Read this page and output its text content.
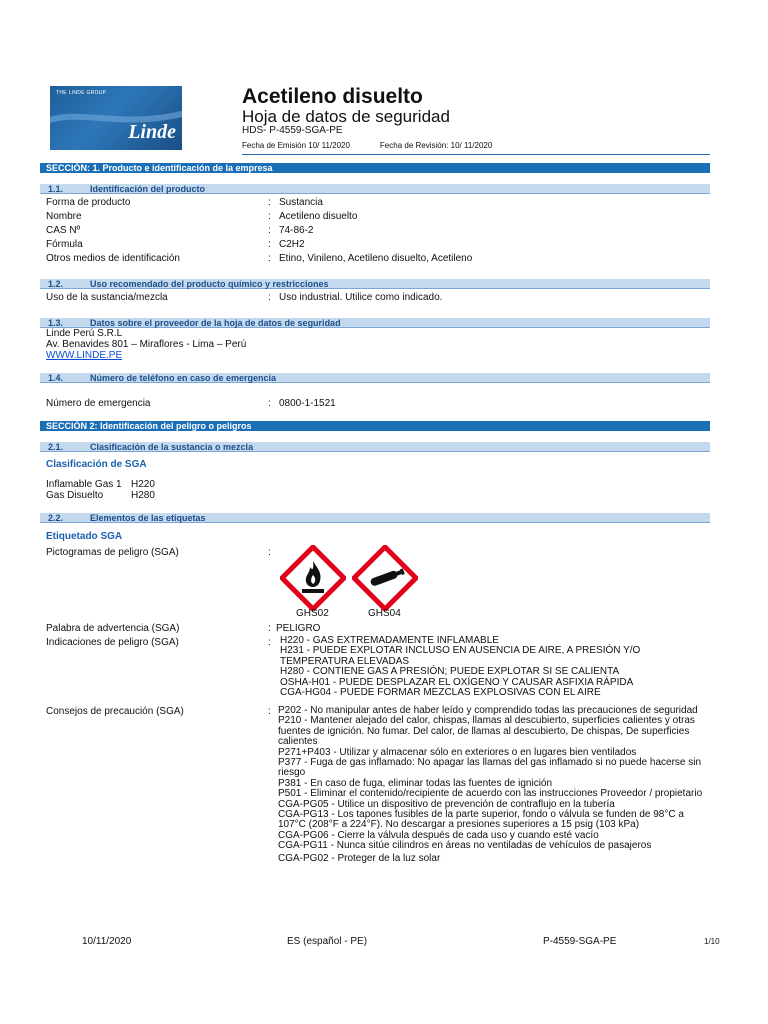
THE LINDE GROUP
Linde
Acetileno disuelto
Hoja de datos de seguridad
HDS- P-4559-SGA-PE
Fecha de Emisión 10/ 11/2020	Fecha de Revisión: 10/ 11/2020
SECCIÓN: 1. Producto e identificación de la empresa
1.1.	Identificación del producto
Forma de producto	: Sustancia
Nombre	: Acetileno disuelto
CAS Nº	: 74-86-2
Fórmula	: C2H2
Otros medios de identificación	: Etino, Vinileno, Acetileno disuelto, Acetileno
1.2.	Uso recomendado del producto químico y restricciones
Uso de la sustancia/mezcla	: Uso industrial. Utilice como indicado.
1.3.	Datos sobre el proveedor de la hoja de datos de seguridad
Linde Perú S.R.L
Av. Benavides 801 – Miraflores - Lima – Perú
WWW.LINDE.PE
1.4.	Número de teléfono en caso de emergencia
Número de emergencia	: 0800-1-1521
SECCIÓN 2: Identificación del peligro o peligros
2.1.	Clasificación de la sustancia o mezcla
Clasificación de SGA
Inflamable Gas 1 H220
Gas Disuelto	H280
2.2.	Elementos de las etiquetas
Etiquetado SGA
Pictogramas de peligro (SGA)	:
GHS02	GHS04
Palabra de advertencia (SGA)	: PELIGRO
Indicaciones de peligro (SGA)	: H220 - GAS EXTREMADAMENTE INFLAMABLE
H231 - PUEDE EXPLOTAR INCLUSO EN AUSENCIA DE AIRE, A PRESIÓN Y/O TEMPERATURA ELEVADAS
H280 - CONTIENE GAS A PRESIÓN; PUEDE EXPLOTAR SI SE CALIENTA
OSHA-H01 - PUEDE DESPLAZAR EL OXÍGENO Y CAUSAR ASFIXIA RÁPIDA
CGA-HG04 - PUEDE FORMAR MEZCLAS EXPLOSIVAS CON EL AIRE
Consejos de precaución (SGA)	: P202 - No manipular antes de haber leído y comprendido todas las precauciones de seguridad
P210 - Mantener alejado del calor, chispas, llamas al descubierto, superficies calientes y otras fuentes de ignición. No fumar. Del calor, de llamas al descubierto, De chispas, De superficies calientes
P271+P403 - Utilizar y almacenar sólo en exteriores o en lugares bien ventilados
P377 - Fuga de gas inflamado: No apagar las llamas del gas inflamado si no puede hacerse sin riesgo
P381 - En caso de fuga, eliminar todas las fuentes de ignición
P501 - Eliminar el contenido/recipiente de acuerdo con las instrucciones Proveedor / propietario
CGA-PG05 - Utilice un dispositivo de prevención de contraflujo en la tubería
CGA-PG13 - Los tapones fusibles de la parte superior, fondo o válvula se funden de 98°C a 107°C (208°F a 224°F). No descargar a presiones superiores a 15 psig (103 kPa)
CGA-PG06 - Cierre la válvula después de cada uso y cuando esté vacío
CGA-PG11 - Nunca sitúe cilindros en áreas no ventiladas de vehículos de pasajeros
CGA-PG02 - Proteger de la luz solar
10/11/2020	ES (español - PE)	P-4559-SGA-PE	1/10
